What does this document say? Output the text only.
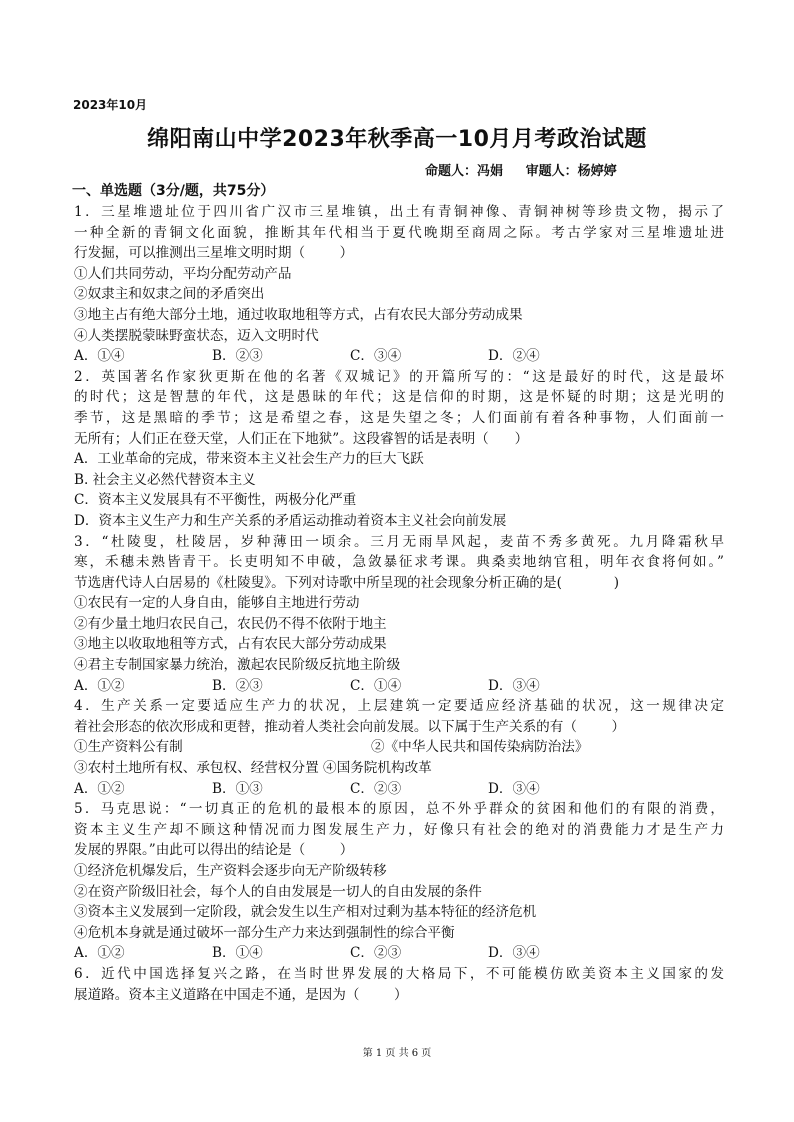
2023年10月
绵阳南山中学2023年秋季高一10月月考政治试题
命题人：冯娟     审题人：杨婷婷
一、单选题（3分/题，共75分）
1．三星堆遗址位于四川省广汉市三星堆镇，出土有青铜神像、青铜神树等珍贵文物，揭示了
一种全新的青铜文化面貌，推断其年代相当于夏代晚期至商周之际。考古学家对三星堆遗址进
行发掘，可以推测出三星堆文明时期（        ）
①人们共同劳动，平均分配劳动产品
②奴隶主和奴隶之间的矛盾突出
③地主占有绝大部分土地，通过收取地租等方式，占有农民大部分劳动成果
④人类摆脱蒙昧野蛮状态，迈入文明时代
A．①④	B．②③	C．③④	D．②④
2．英国著名作家狄更斯在他的名著《双城记》的开篇所写的：“这是最好的时代，这是最坏
的时代；这是智慧的年代，这是愚昧的年代；这是信仰的时期，这是怀疑的时期；这是光明的
季节，这是黑暗的季节；这是希望之春，这是失望之冬；人们面前有着各种事物，人们面前一
无所有；人们正在登天堂，人们正在下地狱”。这段睿智的话是表明（      ）
A．工业革命的完成，带来资本主义社会生产力的巨大飞跃
B. 社会主义必然代替资本主义
C．资本主义发展具有不平衡性，两极分化严重
D．资本主义生产力和生产关系的矛盾运动推动着资本主义社会向前发展
3．“杜陵叟，杜陵居，岁种薄田一顷余。三月无雨旱风起，麦苗不秀多黄死。九月降霜秋早
寒，禾穗未熟皆青干。长吏明知不申破，急敛暴征求考课。典桑卖地纳官租，明年衣食将何如。”
节选唐代诗人白居易的《杜陵叟》。下列对诗歌中所呈现的社会现象分析正确的是(            )
①农民有一定的人身自由，能够自主地进行劳动
②有少量土地归农民自己，农民仍不得不依附于地主
③地主以收取地租等方式，占有农民大部分劳动成果
④君主专制国家暴力统治，激起农民阶级反抗地主阶级
A．①②	B．②③	C．①④	D．③④
4．生产关系一定要适应生产力的状况，上层建筑一定要适应经济基础的状况，这一规律决定
着社会形态的依次形成和更替，推动着人类社会向前发展。以下属于生产关系的有（        ）
①生产资料公有制	②《中华人民共和国传染病防治法》
③农村土地所有权、承包权、经营权分置 ④国务院机构改革
A．①②	B．①③	C．②③	D．③④
5．马克思说：“一切真正的危机的最根本的原因，总不外乎群众的贫困和他们的有限的消费，
资本主义生产却不顾这种情况而力图发展生产力，好像只有社会的绝对的消费能力才是生产力
发展的界限。”由此可以得出的结论是（        ）
①经济危机爆发后，生产资料会逐步向无产阶级转移
②在资产阶级旧社会，每个人的自由发展是一切人的自由发展的条件
③资本主义发展到一定阶段，就会发生以生产相对过剩为基本特征的经济危机
④危机本身就是通过破坏一部分生产力来达到强制性的综合平衡
A．①②	B．①④	C．②③	D．③④
6．近代中国选择复兴之路，在当时世界发展的大格局下，不可能模仿欧美资本主义国家的发
展道路。资本主义道路在中国走不通，是因为（        ）
第 1 页 共 6 页
